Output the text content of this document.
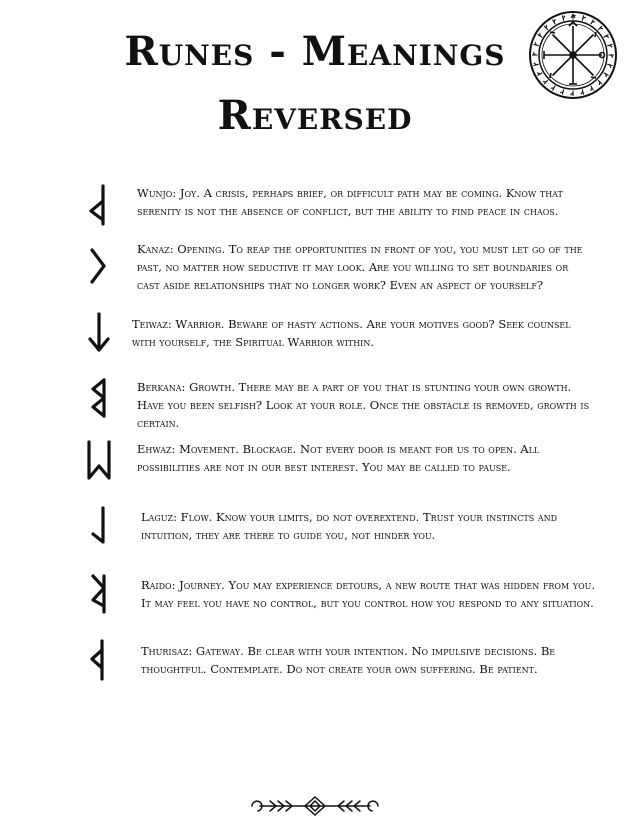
Runes - Meanings
Reversed
Wunjo: Joy. A crisis, perhaps brief, or difficult path may be coming. Know that serenity is not the absence of conflict, but the ability to find peace in chaos.
Kanaz: Opening. To reap the opportunities in front of you, you must let go of the past, no matter how seductive it may look. Are you willing to set boundaries or cast aside relationships that no longer work? Even an aspect of yourself?
Teiwaz: Warrior. Beware of hasty actions. Are your motives good? Seek counsel with yourself, the Spiritual Warrior within.
Berkana: Growth. There may be a part of you that is stunting your own growth. Have you been selfish? Look at your role. Once the obstacle is removed, growth is certain.
Ehwaz: Movement. Blockage. Not every door is meant for us to open. All possibilities are not in our best interest. You may be called to pause.
Laguz: Flow. Know your limits, do not overextend. Trust your instincts and intuition, they are there to guide you, not hinder you.
Raido: Journey. You may experience detours, a new route that was hidden from you. It may feel you have no control, but you control how you respond to any situation.
Thurisaz: Gateway. Be clear with your intention. No impulsive decisions. Be thoughtful. Contemplate. Do not create your own suffering. Be patient.
